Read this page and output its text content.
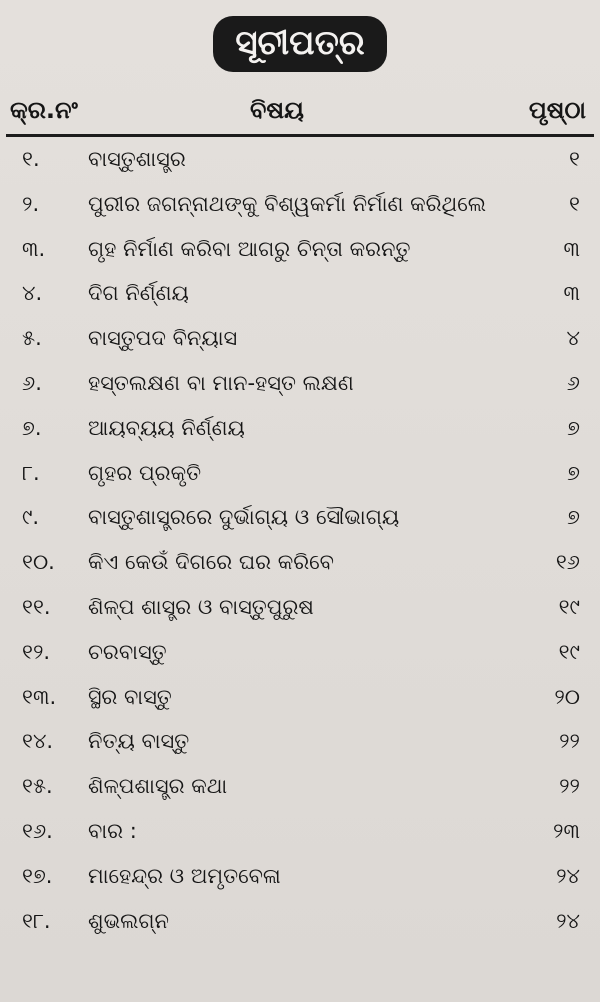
ସୂଚୀପତ୍ର
କ୍ର.ନଂ	ବିଷୟ	ପୃଷ୍ଠା
୧. ବାସ୍ତୁଶାସ୍ତ୍ର	୧
୨. ପୁରୀର ଜଗନ୍ନାଥଙ୍କୁ ବିଶ୍ୱକର୍ମା ନିର୍ମାଣ କରିଥିଲେ	୧
୩. ଗୃହ ନିର୍ମାଣ କରିବା ଆଗରୁ ଚିନ୍ତା କରନ୍ତୁ	୩
୪. ଦିଗ ନିର୍ଣ୍ଣୟ	୩
୫. ବାସ୍ତୁପଦ ବିନ୍ୟାସ	୪
୬. ହସ୍ତଲକ୍ଷଣ ବା ମାନ-ହସ୍ତ ଲକ୍ଷଣ	୬
୭. ଆୟବ୍ୟୟ ନିର୍ଣ୍ଣୟ	୭
୮. ଗୃହର ପ୍ରକୃତି	୭
୯. ବାସ୍ତୁଶାସ୍ତ୍ରରେ ଦୁର୍ଭାଗ୍ୟ ଓ ସୌଭାଗ୍ୟ	୭
୧୦. କିଏ କେଉଁ ଦିଗରେ ଘର କରିବେ	୧୬
୧୧. ଶିଳ୍ପ ଶାସ୍ତ୍ର ଓ ବାସ୍ତୁପୁରୁଷ	୧୯
୧୨. ଚରବାସ୍ତୁ	୧୯
୧୩. ସ୍ଥିର ବାସ୍ତୁ	୨୦
୧୪. ନିତ୍ୟ ବାସ୍ତୁ	୨୨
୧୫. ଶିଳ୍ପଶାସ୍ତ୍ର କଥା	୨୨
୧୬. ବାର :	୨୩
୧୭. ମାହେନ୍ଦ୍ର ଓ ଅମୃତବେଳା	୨୪
୧୮. ଶୁଭଲଗ୍ନ	୨୪
